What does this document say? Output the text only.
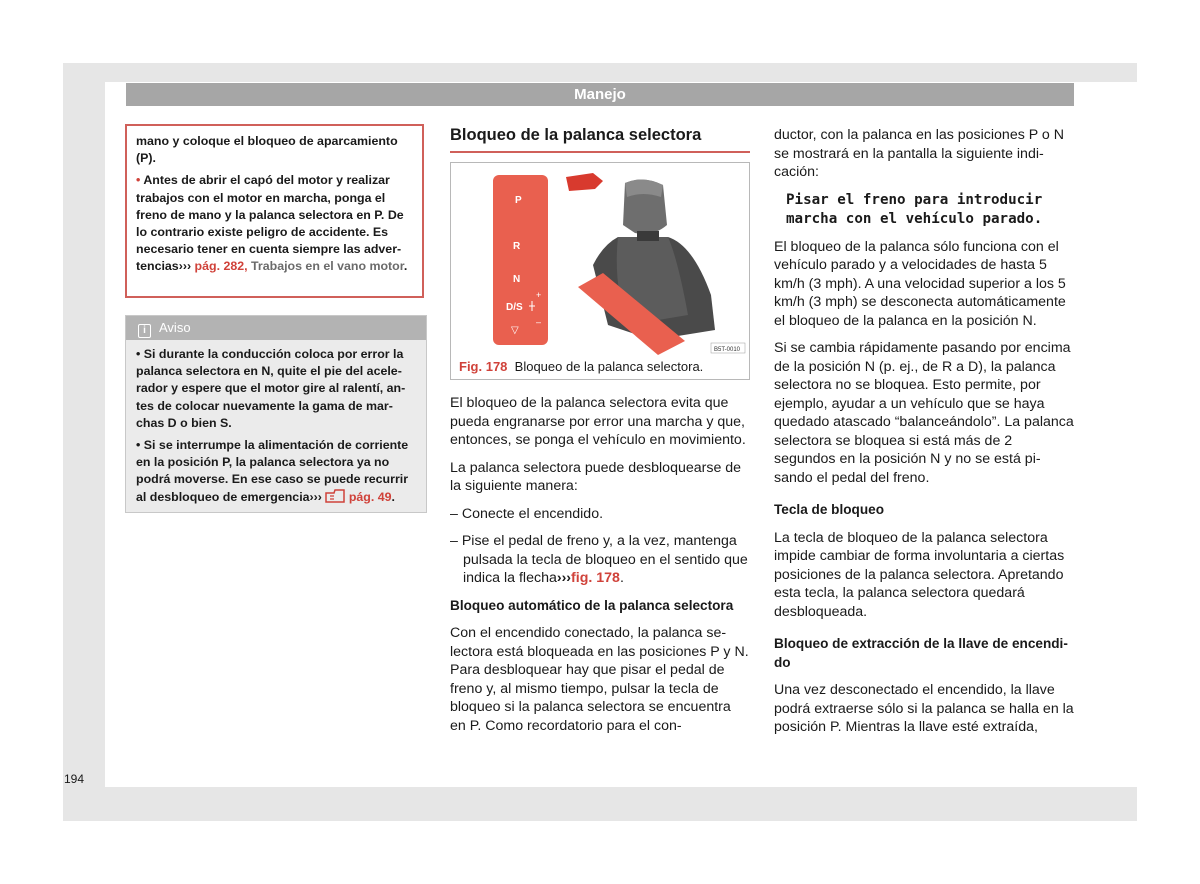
Manejo

mano y coloque el bloqueo de aparcamiento (P).

• Antes de abrir el capó del motor y realizar trabajos con el motor en marcha, ponga el freno de mano y la palanca selectora en P. De lo contrario existe peligro de accidente. Es necesario tener en cuenta siempre las advertencias››› pág. 282, Trabajos en el vano motor.

i Aviso

• Si durante la conducción coloca por error la palanca selectora en N, quite el pie del acelerador y espere que el motor gire al ralentí, antes de colocar nuevamente la gama de marchas D o bien S.

• Si se interrumpe la alimentación de corriente en la posición P, la palanca selectora ya no podrá moverse. En ese caso se puede recurrir al desbloqueo de emergencia››› pág. 49.

Bloqueo de la palanca selectora
P
R
N
D/S
▽
+
–
B5T-0010
Fig. 178 Bloqueo de la palanca selectora.

El bloqueo de la palanca selectora evita que pueda engranarse por error una marcha y que, entonces, se ponga el vehículo en movimiento.

La palanca selectora puede desbloquearse de la siguiente manera:

– Conecte el encendido.

– Pise el pedal de freno y, a la vez, mantenga pulsada la tecla de bloqueo en el sentido que indica la flecha›››fig. 178.

Bloqueo automático de la palanca selectora

Con el encendido conectado, la palanca selectora está bloqueada en las posiciones P y N. Para desbloquear hay que pisar el pedal de freno y, al mismo tiempo, pulsar la tecla de bloqueo si la palanca selectora se encuentra en P. Como recordatorio para el con-

ductor, con la palanca en las posiciones P o N se mostrará en la pantalla la siguiente indicación:

Pisar el freno para introducir marcha con el vehículo parado.

El bloqueo de la palanca sólo funciona con el vehículo parado y a velocidades de hasta 5 km/h (3 mph). A una velocidad superior a los 5 km/h (3 mph) se desconecta automáticamente el bloqueo de la palanca en la posición N.

Si se cambia rápidamente pasando por encima de la posición N (p. ej., de R a D), la palanca selectora no se bloquea. Esto permite, por ejemplo, ayudar a un vehículo que se haya quedado atascado “balanceándolo”. La palanca selectora se bloquea si está más de 2 segundos en la posición N y no se está pisando el pedal del freno.

Tecla de bloqueo

La tecla de bloqueo de la palanca selectora impide cambiar de forma involuntaria a ciertas posiciones de la palanca selectora. Apretando esta tecla, la palanca selectora quedará desbloqueada.

Bloqueo de extracción de la llave de encendido

Una vez desconectado el encendido, la llave podrá extraerse sólo si la palanca se halla en la posición P. Mientras la llave esté extraída,

194
